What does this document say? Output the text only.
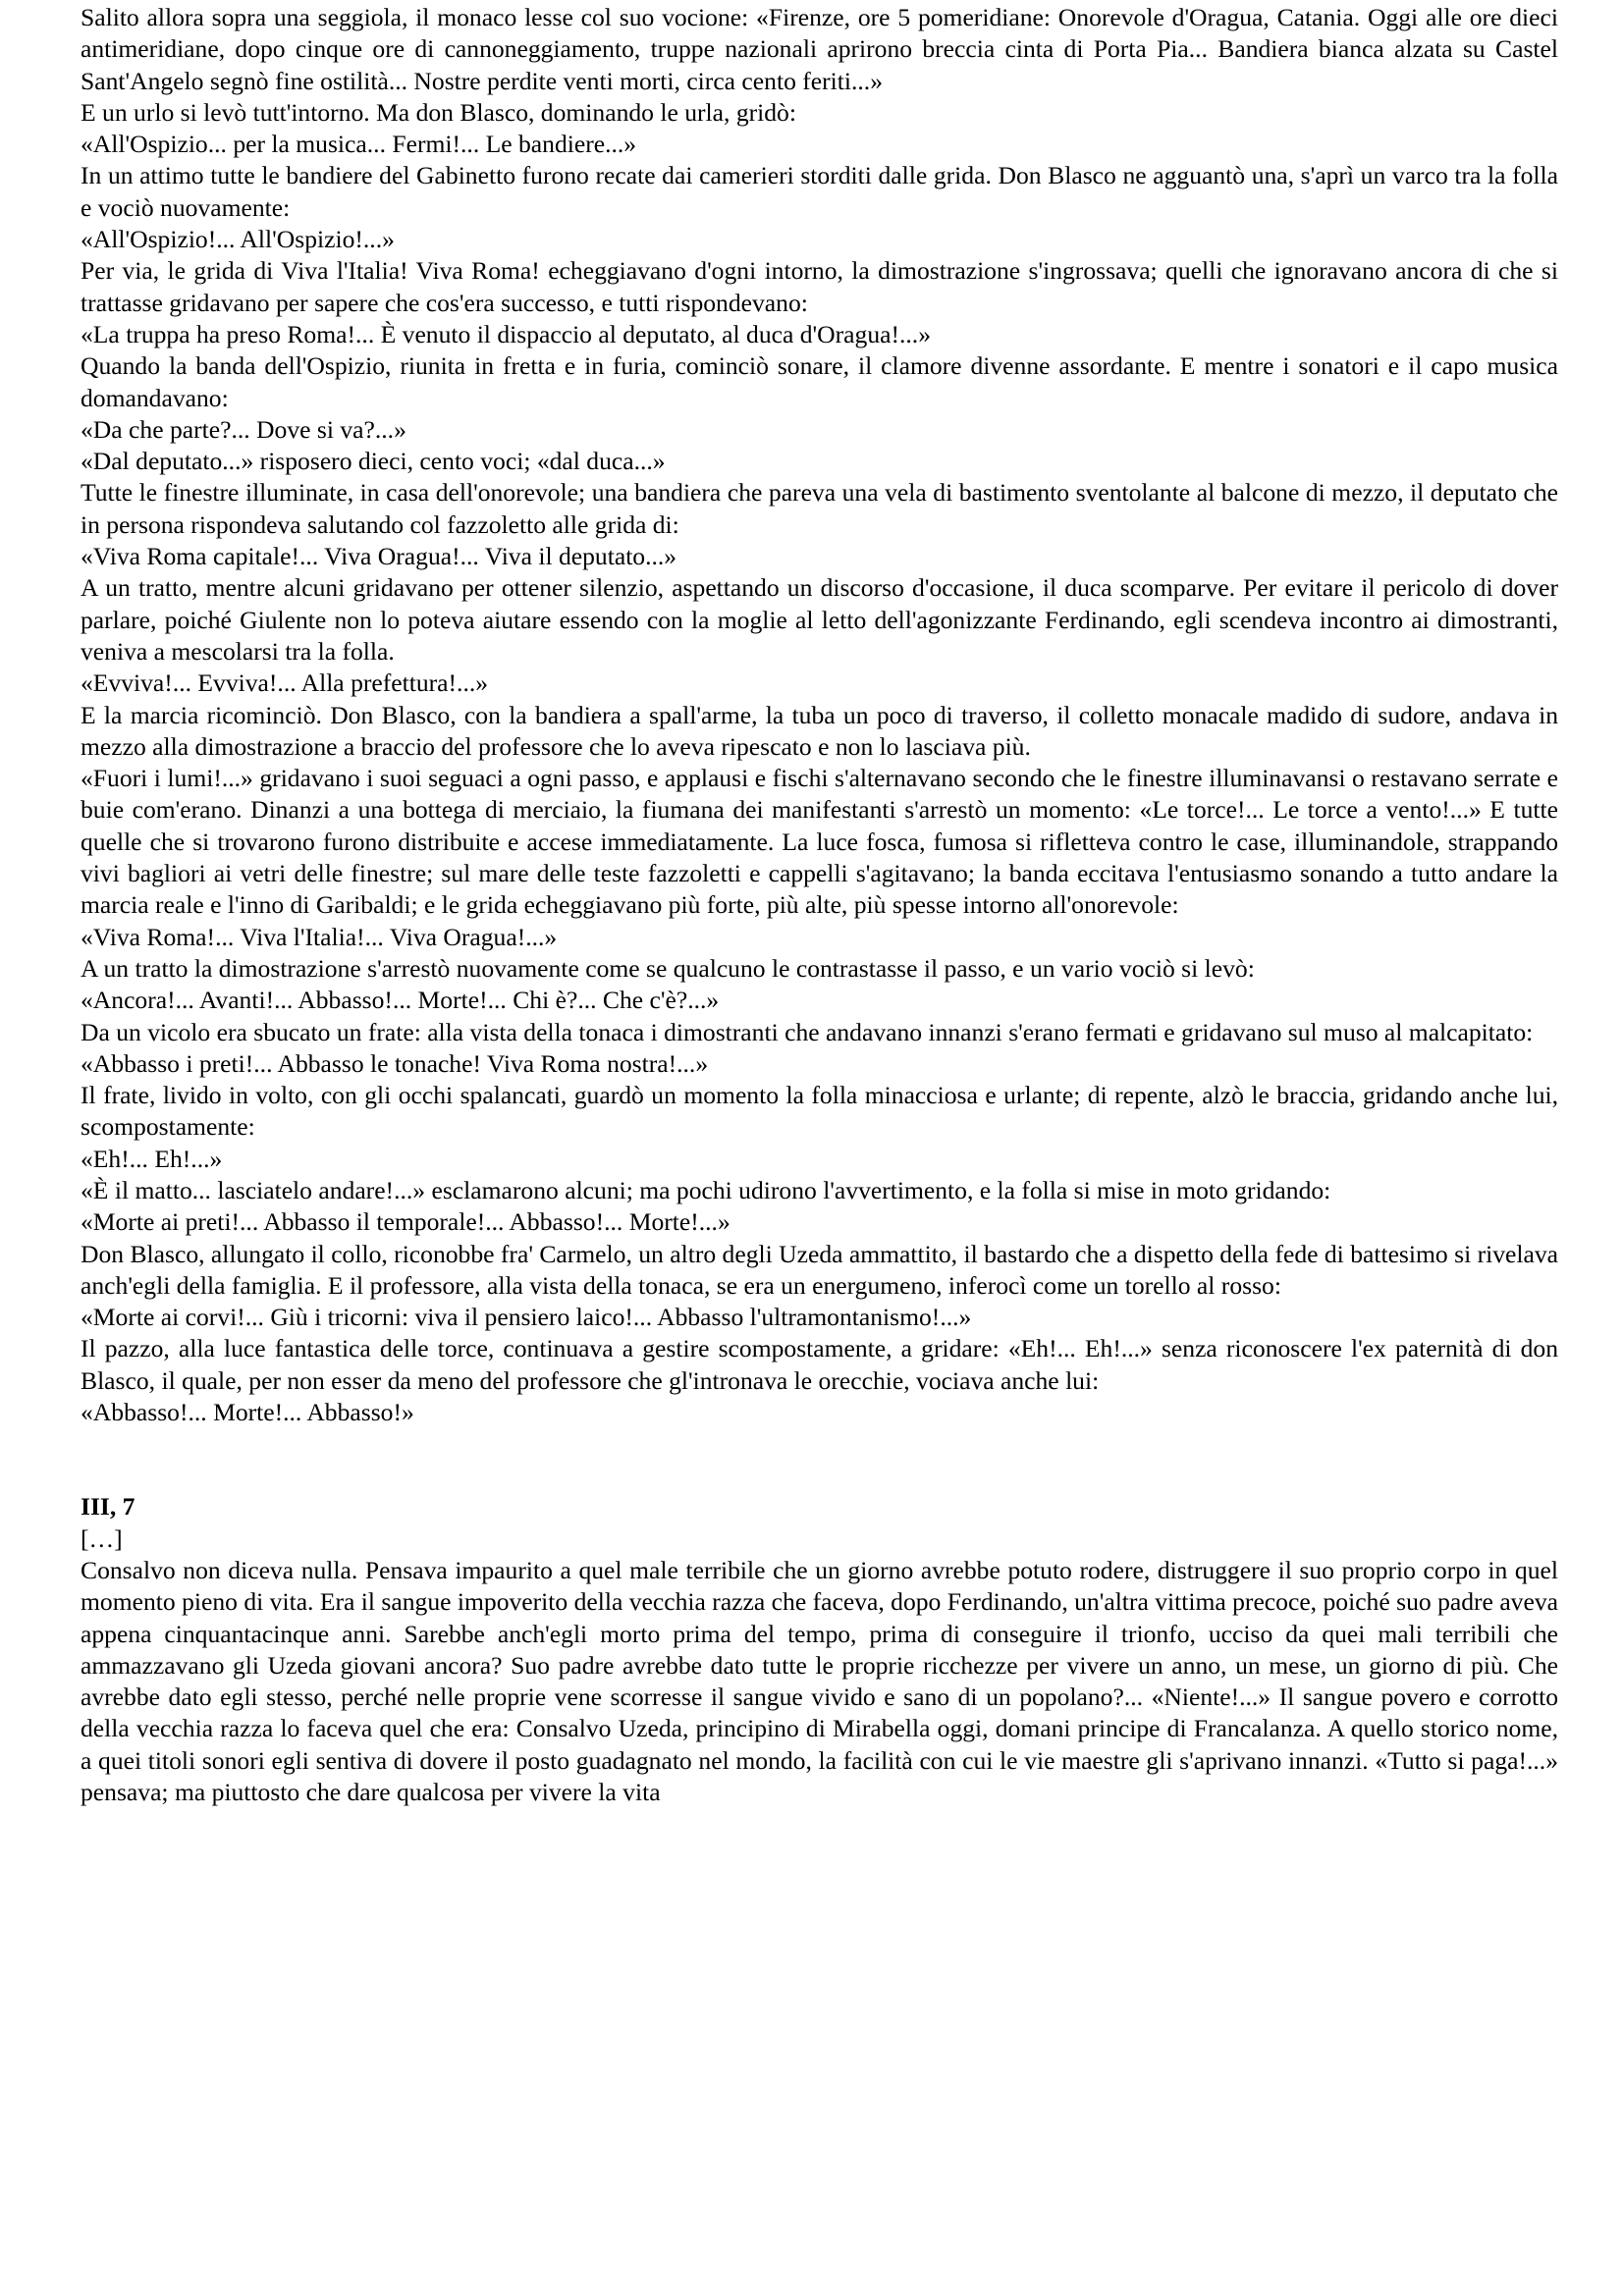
Salito allora sopra una seggiola, il monaco lesse col suo vocione: «Firenze, ore 5 pomeridiane: Onorevole d'Oragua, Catania. Oggi alle ore dieci antimeridiane, dopo cinque ore di cannoneggiamento, truppe nazionali aprirono breccia cinta di Porta Pia... Bandiera bianca alzata su Castel Sant'Angelo segnò fine ostilità... Nostre perdite venti morti, circa cento feriti...»

E un urlo si levò tutt'intorno. Ma don Blasco, dominando le urla, gridò:

«All'Ospizio... per la musica... Fermi!... Le bandiere...»

In un attimo tutte le bandiere del Gabinetto furono recate dai camerieri storditi dalle grida. Don Blasco ne agguantò una, s'aprì un varco tra la folla e vociò nuovamente:

«All'Ospizio!... All'Ospizio!...»

Per via, le grida di Viva l'Italia! Viva Roma! echeggiavano d'ogni intorno, la dimostrazione s'ingrossava; quelli che ignoravano ancora di che si trattasse gridavano per sapere che cos'era successo, e tutti rispondevano:

«La truppa ha preso Roma!... È venuto il dispaccio al deputato, al duca d'Oragua!...»

Quando la banda dell'Ospizio, riunita in fretta e in furia, cominciò sonare, il clamore divenne assordante. E mentre i sonatori e il capo musica domandavano:

«Da che parte?... Dove si va?...»

«Dal deputato...» risposero dieci, cento voci; «dal duca...»

Tutte le finestre illuminate, in casa dell'onorevole; una bandiera che pareva una vela di bastimento sventolante al balcone di mezzo, il deputato che in persona rispondeva salutando col fazzoletto alle grida di:

«Viva Roma capitale!... Viva Oragua!... Viva il deputato...»

A un tratto, mentre alcuni gridavano per ottener silenzio, aspettando un discorso d'occasione, il duca scomparve. Per evitare il pericolo di dover parlare, poiché Giulente non lo poteva aiutare essendo con la moglie al letto dell'agonizzante Ferdinando, egli scendeva incontro ai dimostranti, veniva a mescolarsi tra la folla.

«Evviva!... Evviva!... Alla prefettura!...»

E la marcia ricominciò. Don Blasco, con la bandiera a spall'arme, la tuba un poco di traverso, il colletto monacale madido di sudore, andava in mezzo alla dimostrazione a braccio del professore che lo aveva ripescato e non lo lasciava più.

«Fuori i lumi!...» gridavano i suoi seguaci a ogni passo, e applausi e fischi s'alternavano secondo che le finestre illuminavansi o restavano serrate e buie com'erano. Dinanzi a una bottega di merciaio, la fiumana dei manifestanti s'arrestò un momento: «Le torce!... Le torce a vento!...» E tutte quelle che si trovarono furono distribuite e accese immediatamente. La luce fosca, fumosa si rifletteva contro le case, illuminandole, strappando vivi bagliori ai vetri delle finestre; sul mare delle teste fazzoletti e cappelli s'agitavano; la banda eccitava l'entusiasmo sonando a tutto andare la marcia reale e l'inno di Garibaldi; e le grida echeggiavano più forte, più alte, più spesse intorno all'onorevole:

«Viva Roma!... Viva l'Italia!... Viva Oragua!...»

A un tratto la dimostrazione s'arrestò nuovamente come se qualcuno le contrastasse il passo, e un vario vociò si levò:

«Ancora!... Avanti!... Abbasso!... Morte!... Chi è?... Che c'è?...»

Da un vicolo era sbucato un frate: alla vista della tonaca i dimostranti che andavano innanzi s'erano fermati e gridavano sul muso al malcapitato:

«Abbasso i preti!... Abbasso le tonache! Viva Roma nostra!...»

Il frate, livido in volto, con gli occhi spalancati, guardò un momento la folla minacciosa e urlante; di repente, alzò le braccia, gridando anche lui, scompostamente:

«Eh!... Eh!...»

«È il matto... lasciatelo andare!...» esclamarono alcuni; ma pochi udirono l'avvertimento, e la folla si mise in moto gridando:

«Morte ai preti!... Abbasso il temporale!... Abbasso!... Morte!...»

Don Blasco, allungato il collo, riconobbe fra' Carmelo, un altro degli Uzeda ammattito, il bastardo che a dispetto della fede di battesimo si rivelava anch'egli della famiglia. E il professore, alla vista della tonaca, se era un energumeno, inferocì come un torello al rosso:

«Morte ai corvi!... Giù i tricorni: viva il pensiero laico!... Abbasso l'ultramontanismo!...»

Il pazzo, alla luce fantastica delle torce, continuava a gestire scompostamente, a gridare: «Eh!... Eh!...» senza riconoscere l'ex paternità di don Blasco, il quale, per non esser da meno del professore che gl'intronava le orecchie, vociava anche lui:

«Abbasso!... Morte!... Abbasso!»

III, 7

[…]

Consalvo non diceva nulla. Pensava impaurito a quel male terribile che un giorno avrebbe potuto rodere, distruggere il suo proprio corpo in quel momento pieno di vita. Era il sangue impoverito della vecchia razza che faceva, dopo Ferdinando, un'altra vittima precoce, poiché suo padre aveva appena cinquantacinque anni. Sarebbe anch'egli morto prima del tempo, prima di conseguire il trionfo, ucciso da quei mali terribili che ammazzavano gli Uzeda giovani ancora? Suo padre avrebbe dato tutte le proprie ricchezze per vivere un anno, un mese, un giorno di più. Che avrebbe dato egli stesso, perché nelle proprie vene scorresse il sangue vivido e sano di un popolano?... «Niente!...» Il sangue povero e corrotto della vecchia razza lo faceva quel che era: Consalvo Uzeda, principino di Mirabella oggi, domani principe di Francalanza. A quello storico nome, a quei titoli sonori egli sentiva di dovere il posto guadagnato nel mondo, la facilità con cui le vie maestre gli s'aprivano innanzi. «Tutto si paga!...» pensava; ma piuttosto che dare qualcosa per vivere la vita
